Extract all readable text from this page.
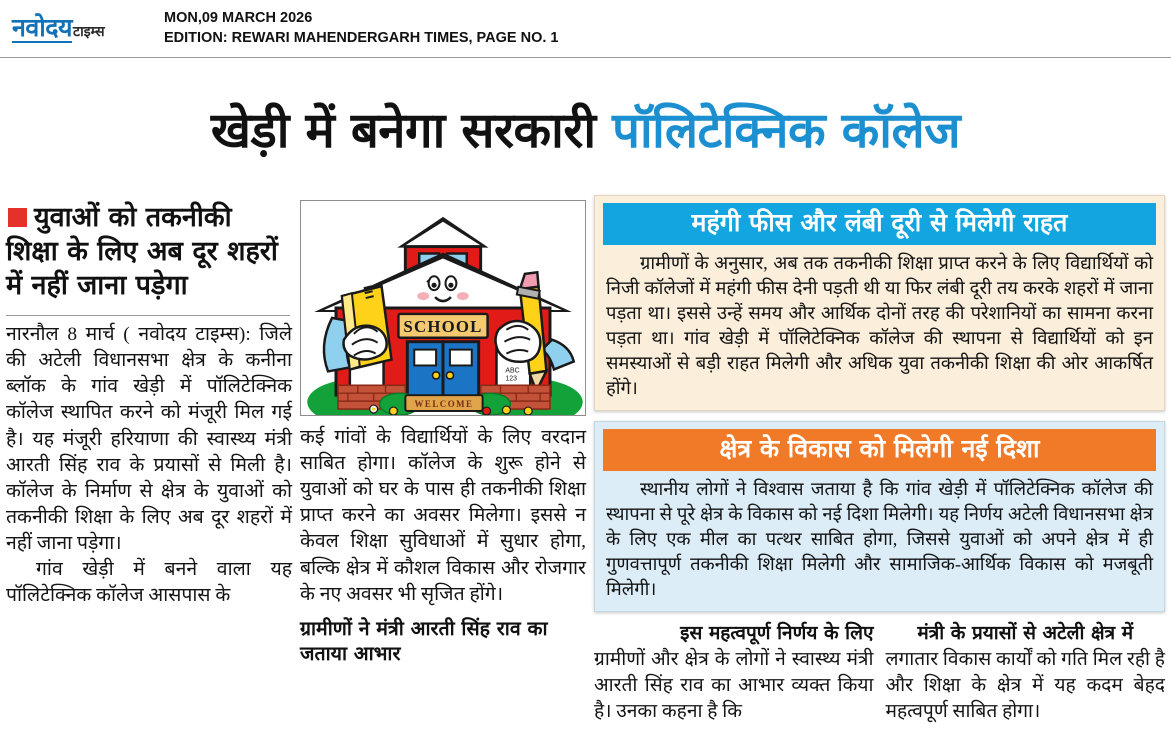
नवोदय टाइम्स
MON,09 MARCH 2026
EDITION: REWARI MAHENDERGARH TIMES, PAGE NO. 1
खेड़ी में बनेगा सरकारी पॉलिटेक्निक कॉलेज
युवाओं को तकनीकी शिक्षा के लिए अब दूर शहरों में नहीं जाना पड़ेगा

नारनौल 8 मार्च ( नवोदय टाइम्स): जिले की अटेली विधानसभा क्षेत्र के कनीना ब्लॉक के गांव खेड़ी में पॉलिटेक्निक कॉलेज स्थापित करने को मंजूरी मिल गई है। यह मंजूरी हरियाणा की स्वास्थ्य मंत्री आरती सिंह राव के प्रयासों से मिली है। कॉलेज के निर्माण से क्षेत्र के युवाओं को तकनीकी शिक्षा के लिए अब दूर शहरों में नहीं जाना पड़ेगा।

गांव खेड़ी में बनने वाला यह पॉलिटेक्निक कॉलेज आसपास के

SCHOOL
ABC
123
WELCOME

कई गांवों के विद्यार्थियों के लिए वरदान साबित होगा। कॉलेज के शुरू होने से युवाओं को घर के पास ही तकनीकी शिक्षा प्राप्त करने का अवसर मिलेगा। इससे न केवल शिक्षा सुविधाओं में सुधार होगा, बल्कि क्षेत्र में कौशल विकास और रोजगार के नए अवसर भी सृजित होंगे।

ग्रामीणों ने मंत्री आरती सिंह राव का जताया आभार
महंगी फीस और लंबी दूरी से मिलेगी राहत
ग्रामीणों के अनुसार, अब तक तकनीकी शिक्षा प्राप्त करने के लिए विद्यार्थियों को निजी कॉलेजों में महंगी फीस देनी पड़ती थी या फिर लंबी दूरी तय करके शहरों में जाना पड़ता था। इससे उन्हें समय और आर्थिक दोनों तरह की परेशानियों का सामना करना पड़ता था। गांव खेड़ी में पॉलिटेक्निक कॉलेज की स्थापना से विद्यार्थियों को इन समस्याओं से बड़ी राहत मिलेगी और अधिक युवा तकनीकी शिक्षा की ओर आकर्षित होंगे।
क्षेत्र के विकास को मिलेगी नई दिशा
स्थानीय लोगों ने विश्वास जताया है कि गांव खेड़ी में पॉलिटेक्निक कॉलेज की स्थापना से पूरे क्षेत्र के विकास को नई दिशा मिलेगी। यह निर्णय अटेली विधानसभा क्षेत्र के लिए एक मील का पत्थर साबित होगा, जिससे युवाओं को अपने क्षेत्र में ही गुणवत्तापूर्ण तकनीकी शिक्षा मिलेगी और सामाजिक-आर्थिक विकास को मजबूती मिलेगी।
इस महत्वपूर्ण निर्णय के लिए
ग्रामीणों और क्षेत्र के लोगों ने स्वास्थ्य मंत्री आरती सिंह राव का आभार व्यक्त किया है। उनका कहना है कि
मंत्री के प्रयासों से अटेली क्षेत्र में
लगातार विकास कार्यों को गति मिल रही है और शिक्षा के क्षेत्र में यह कदम बेहद महत्वपूर्ण साबित होगा।
